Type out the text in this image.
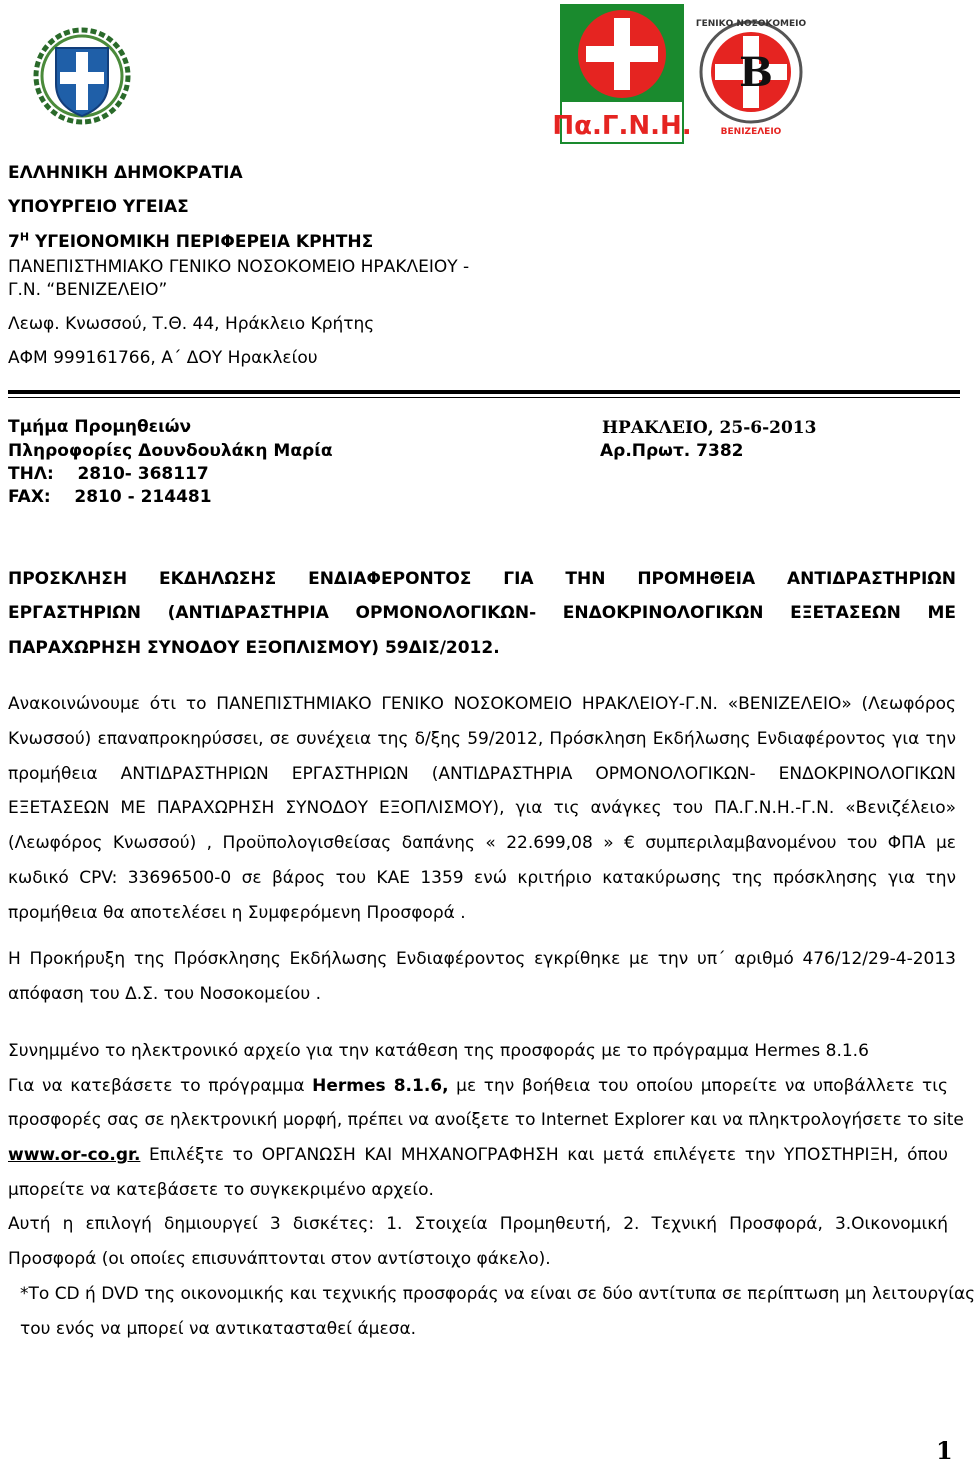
Πα.Γ.Ν.Η.
B
ΓΕΝΙΚΟ ΝΟΣΟΚΟΜΕΙΟ
ΒΕΝΙΖΕΛΕΙΟ
ΕΛΛΗΝΙΚΗ ΔΗΜΟΚΡΑΤΙΑ
ΥΠΟΥΡΓΕΙΟ ΥΓΕΙΑΣ
$7^H$ ΥΓΕΙΟΝΟΜΙΚΗ ΠΕΡΙΦΕΡΕΙΑ ΚΡΗΤΗΣ
ΠΑΝΕΠΙΣΤΗΜΙΑΚΟ ΓΕΝΙΚΟ ΝΟΣΟΚΟΜΕΙΟ ΗΡΑΚΛΕΙΟΥ -
Γ.Ν. “ΒΕΝΙΖΕΛΕΙΟ”
Λεωφ. Κνωσσού, Τ.Θ. 44, Ηράκλειο Κρήτης
ΑΦΜ 999161766, Α΄ ΔΟΥ Ηρακλείου
Τμήμα Προμηθειών
Πληροφορίες Δουνδουλάκη Μαρία
ΤΗΛ:    2810- 368117
FAX:    2810 - 214481
ΗΡΑΚΛΕΙΟ, 25-6-2013
Αρ.Πρωτ. 7382
ΠΡΟΣΚΛΗΣΗ ΕΚΔΗΛΩΣΗΣ ΕΝΔΙΑΦΕΡΟΝΤΟΣ ΓΙΑ ΤΗΝ ΠΡΟΜΗΘΕΙΑ ΑΝΤΙΔΡΑΣΤΗΡΙΩΝ
ΕΡΓΑΣΤΗΡΙΩΝ (ΑΝΤΙΔΡΑΣΤΗΡΙΑ ΟΡΜΟΝΟΛΟΓΙΚΩΝ- ΕΝΔΟΚΡΙΝΟΛΟΓΙΚΩΝ ΕΞΕΤΑΣΕΩΝ ΜΕ
ΠΑΡΑΧΩΡΗΣΗ ΣΥΝΟΔΟΥ ΕΞΟΠΛΙΣΜΟΥ) 59ΔΙΣ/2012.
Ανακοινώνουμε ότι το ΠΑΝΕΠΙΣΤΗΜΙΑΚΟ ΓΕΝΙΚΟ ΝΟΣΟΚΟΜΕΙΟ ΗΡΑΚΛΕΙΟΥ-Γ.Ν. «ΒΕΝΙΖΕΛΕΙΟ» (Λεωφόρος
Κνωσσού) επαναπροκηρύσσει, σε συνέχεια της δ/ξης 59/2012, Πρόσκληση Εκδήλωσης Ενδιαφέροντος για την
προμήθεια ΑΝΤΙΔΡΑΣΤΗΡΙΩΝ ΕΡΓΑΣΤΗΡΙΩΝ (ΑΝΤΙΔΡΑΣΤΗΡΙΑ ΟΡΜΟΝΟΛΟΓΙΚΩΝ- ΕΝΔΟΚΡΙΝΟΛΟΓΙΚΩΝ
ΕΞΕΤΑΣΕΩΝ ΜΕ ΠΑΡΑΧΩΡΗΣΗ ΣΥΝΟΔΟΥ ΕΞΟΠΛΙΣΜΟΥ), για τις ανάγκες του ΠΑ.Γ.Ν.Η.-Γ.Ν. «Βενιζέλειο»
(Λεωφόρος Κνωσσού) , Προϋπολογισθείσας δαπάνης « 22.699,08 » € συμπεριλαμβανομένου του ΦΠΑ με
κωδικό CPV: 33696500-0 σε βάρος του ΚΑΕ 1359 ενώ κριτήριο κατακύρωσης της πρόσκλησης για την
προμήθεια θα αποτελέσει η Συμφερόμενη Προσφορά .
Η Προκήρυξη της Πρόσκλησης Εκδήλωσης Ενδιαφέροντος εγκρίθηκε με την υπ΄ αριθμό 476/12/29-4-2013
απόφαση του Δ.Σ. του Νοσοκομείου .
Συνημμένο το ηλεκτρονικό αρχείο για την κατάθεση της προσφοράς με το πρόγραμμα Hermes 8.1.6
Για να κατεβάσετε το πρόγραμμα Hermes 8.1.6, με την βοήθεια του οποίου μπορείτε να υποβάλλετε τις
προσφορές σας σε ηλεκτρονική μορφή, πρέπει να ανοίξετε το Internet Explorer και να πληκτρολογήσετε το site
www.or-co.gr. Επιλέξτε το ΟΡΓΑΝΩΣΗ ΚΑΙ ΜΗΧΑΝΟΓΡΑΦΗΣΗ και μετά επιλέγετε την ΥΠΟΣΤΗΡΙΞΗ, όπου
μπορείτε να κατεβάσετε το συγκεκριμένο αρχείο.
Αυτή η επιλογή δημιουργεί 3 δισκέτες: 1. Στοιχεία Προμηθευτή, 2. Τεχνική Προσφορά, 3.Οικονομική
Προσφορά (οι οποίες επισυνάπτονται στον αντίστοιχο φάκελο).
*Το CD ή DVD της οικονομικής και τεχνικής προσφοράς να είναι σε δύο αντίτυπα σε περίπτωση μη λειτουργίας
του ενός να μπορεί να αντικατασταθεί άμεσα.
1
